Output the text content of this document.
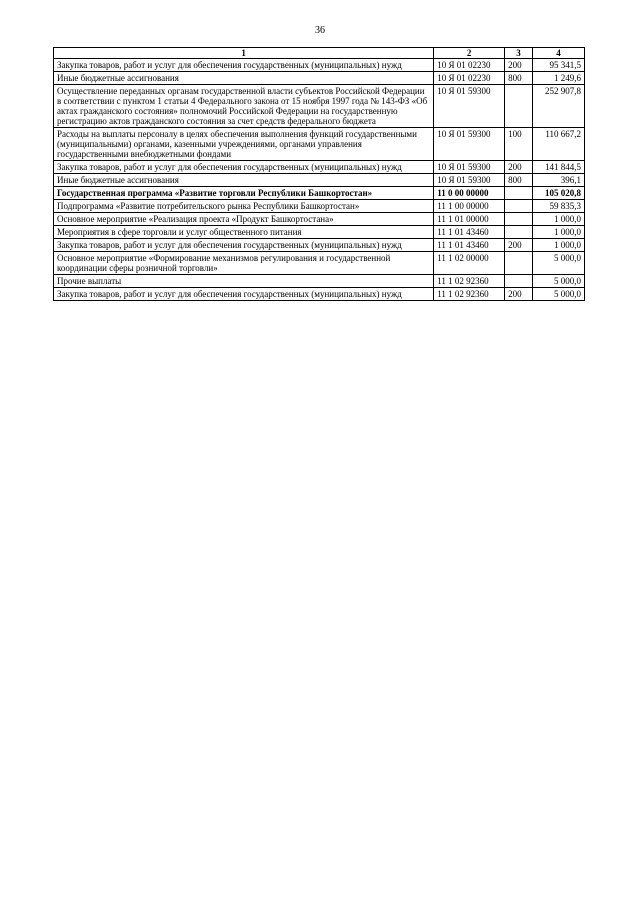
36
1	2	3	4
Закупка товаров, работ и услуг для обеспечения государственных (муниципальных) нужд	10 Я 01 02230	200	95 341,5
Иные бюджетные ассигнования	10 Я 01 02230	800	1 249,6
Осуществление переданных органам государственной власти субъектов Российской Федерации в соответствии с пунктом 1 статьи 4 Федерального закона от 15 ноября 1997 года № 143-ФЗ «Об актах гражданского состояния» полномочий Российской Федерации на государственную регистрацию актов гражданского состояния за счет средств федерального бюджета	10 Я 01 59300		252 907,8
Расходы на выплаты персоналу в целях обеспечения выполнения функций государственными (муниципальными) органами, казенными учреждениями, органами управления государственными внебюджетными фондами	10 Я 01 59300	100	110 667,2
Закупка товаров, работ и услуг для обеспечения государственных (муниципальных) нужд	10 Я 01 59300	200	141 844,5
Иные бюджетные ассигнования	10 Я 01 59300	800	396,1
Государственная программа «Развитие торговли Республики Башкортостан»	11 0 00 00000		105 020,8
Подпрограмма «Развитие потребительского рынка Республики Башкортостан»	11 1 00 00000		59 835,3
Основное мероприятие «Реализация проекта «Продукт Башкортостана»	11 1 01 00000		1 000,0
Мероприятия в сфере торговли и услуг общественного питания	11 1 01 43460		1 000,0
Закупка товаров, работ и услуг для обеспечения государственных (муниципальных) нужд	11 1 01 43460	200	1 000,0
Основное мероприятие «Формирование механизмов регулирования и государственной координации сферы розничной торговли»	11 1 02 00000		5 000,0
Прочие выплаты	11 1 02 92360		5 000,0
Закупка товаров, работ и услуг для обеспечения государственных (муниципальных) нужд	11 1 02 92360	200	5 000,0
